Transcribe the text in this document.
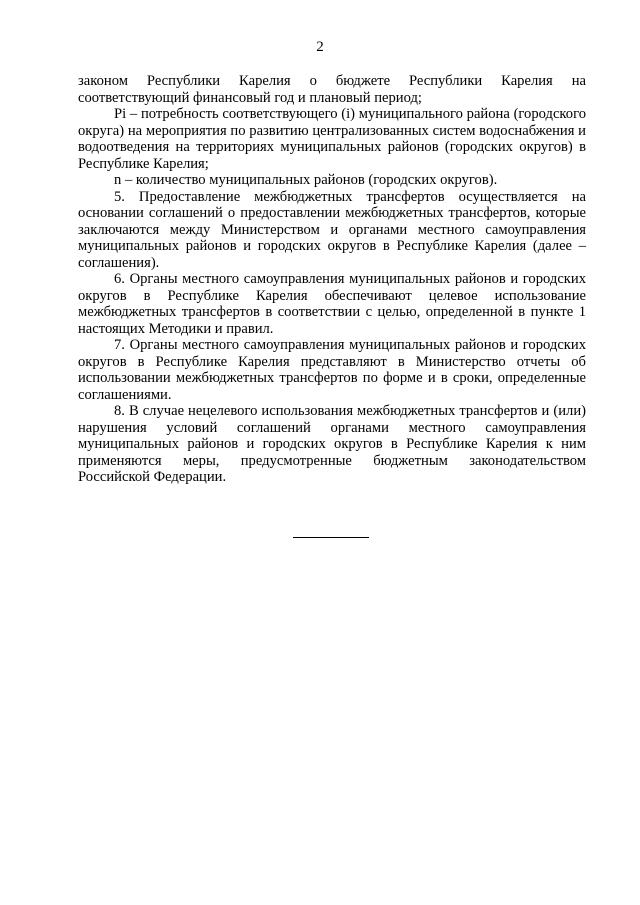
2

законом Республики Карелия о бюджете Республики Карелия на соответствующий финансовый год и плановый период;

Pi – потребность соответствующего (i) муниципального района (городского округа) на мероприятия по развитию централизованных систем водоснабжения и водоотведения на территориях муниципальных районов (городских округов) в Республике Карелия;

n – количество муниципальных районов (городских округов).

5. Предоставление межбюджетных трансфертов осуществляется на основании соглашений о предоставлении межбюджетных трансфертов, которые заключаются между Министерством и органами местного самоуправления муниципальных районов и городских округов в Республике Карелия (далее – соглашения).

6. Органы местного самоуправления муниципальных районов и городских округов в Республике Карелия обеспечивают целевое использование межбюджетных трансфертов в соответствии с целью, определенной в пункте 1 настоящих Методики и правил.

7. Органы местного самоуправления муниципальных районов и городских округов в Республике Карелия представляют в Министерство отчеты об использовании межбюджетных трансфертов по форме и в сроки, определенные соглашениями.

8. В случае нецелевого использования межбюджетных трансфертов и (или) нарушения условий соглашений органами местного самоуправления муниципальных районов и городских округов в Республике Карелия к ним применяются меры, предусмотренные бюджетным законодательством Российской Федерации.
